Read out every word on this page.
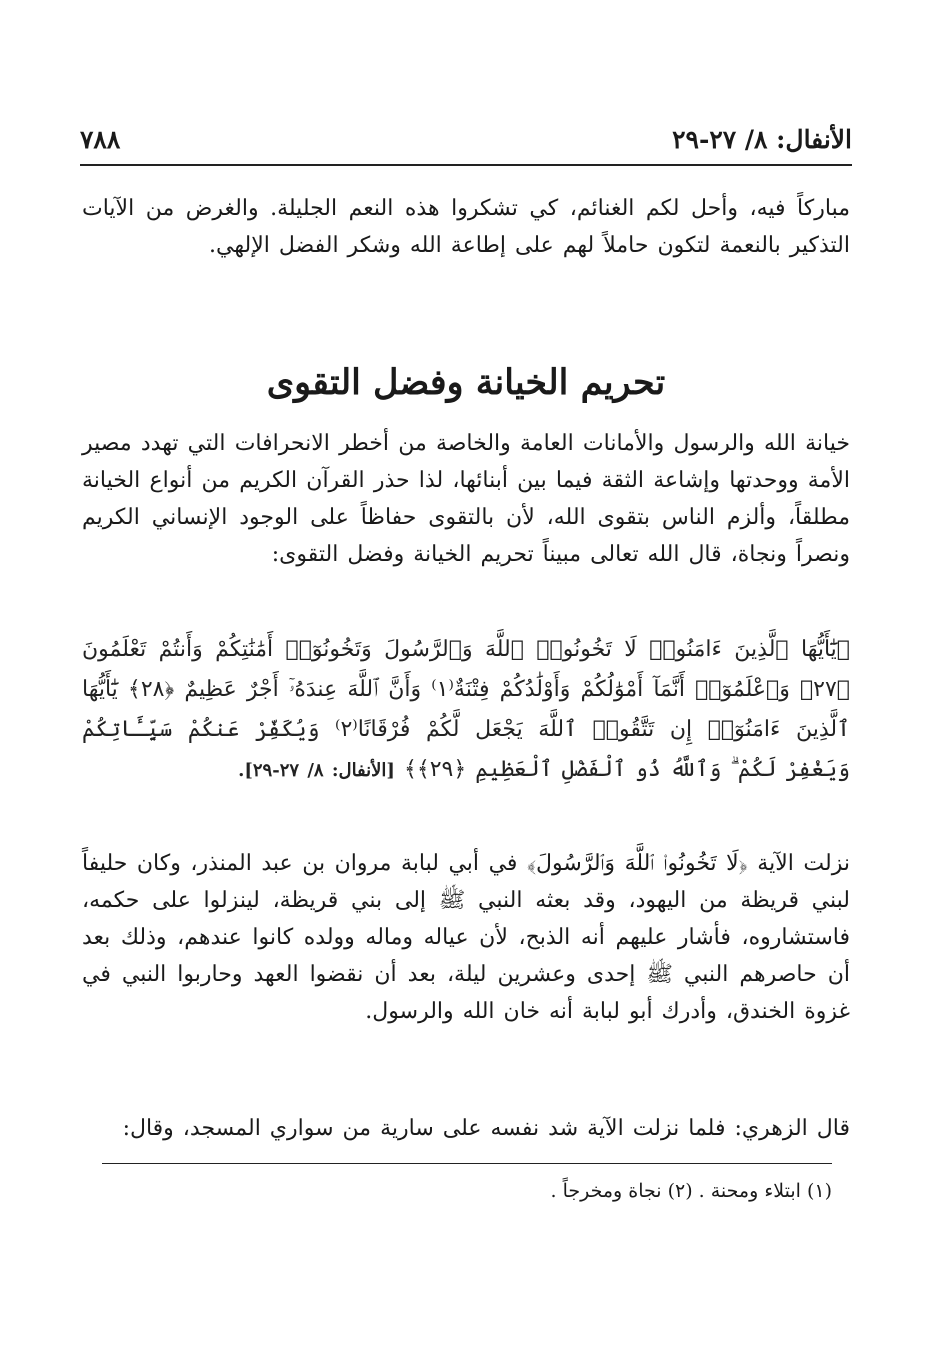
الأنفال: ٨/ ٢٧-٢٩
٧٨٨
مباركاً فيه، وأحل لكم الغنائم، كي تشكروا هذه النعم الجليلة. والغرض من الآيات التذكير بالنعمة لتكون حاملاً لهم على إطاعة الله وشكر الفضل الإلهي.
تحريم الخيانة وفضل التقوى
خيانة الله والرسول والأمانات العامة والخاصة من أخطر الانحرافات التي تهدد مصير الأمة ووحدتها وإشاعة الثقة فيما بين أبنائها، لذا حذر القرآن الكريم من أنواع الخيانة مطلقاً، وألزم الناس بتقوى الله، لأن بالتقوى حفاظاً على الوجود الإنساني الكريم ونصراً ونجاة، قال الله تعالى مبيناً تحريم الخيانة وفضل التقوى:
﴿يَٰٓأَيُّهَا ٱلَّذِينَ ءَامَنُوا۟ لَا تَخُونُوا۟ ٱللَّهَ وَٱلرَّسُولَ وَتَخُونُوٓا۟ أَمَٰنَٰتِكُمْ وَأَنتُمْ تَعْلَمُونَ ﴿٢٧﴾ وَٱعْلَمُوٓا۟ أَنَّمَآ أَمْوَٰلُكُمْ وَأَوْلَٰدُكُمْ فِتْنَةٌ⁽١⁾ وَأَنَّ ٱللَّهَ عِندَهُۥٓ أَجْرٌ عَظِيمٌ ﴿٢٨﴾ يَٰٓأَيُّهَا ٱلَّذِينَ ءَامَنُوٓا۟ إِن تَتَّقُوا۟ ٱللَّهَ يَجْعَل لَّكُمْ فُرْقَانًا⁽٢⁾ وَيُكَفِّرْ عَنكُمْ سَيِّـَٔاتِكُمْ وَيَغْفِرْ لَكُمْ ۗ وَٱللَّهُ ذُو ٱلْفَضْلِ ٱلْعَظِيمِ ﴿٢٩﴾﴾ [الأنفال: ٨/ ٢٧-٢٩].
نزلت الآية ﴿لَا تَخُونُوا۟ ٱللَّهَ وَٱلرَّسُولَ﴾ في أبي لبابة مروان بن عبد المنذر، وكان حليفاً لبني قريظة من اليهود، وقد بعثه النبي ﷺ إلى بني قريظة، لينزلوا على حكمه، فاستشاروه، فأشار عليهم أنه الذبح، لأن عياله وماله وولده كانوا عندهم، وذلك بعد أن حاصرهم النبي ﷺ إحدى وعشرين ليلة، بعد أن نقضوا العهد وحاربوا النبي في غزوة الخندق، وأدرك أبو لبابة أنه خان الله والرسول.
قال الزهري: فلما نزلت الآية شد نفسه على سارية من سواري المسجد، وقال:
(١) ابتلاء ومحنة . (٢) نجاة ومخرجاً .
